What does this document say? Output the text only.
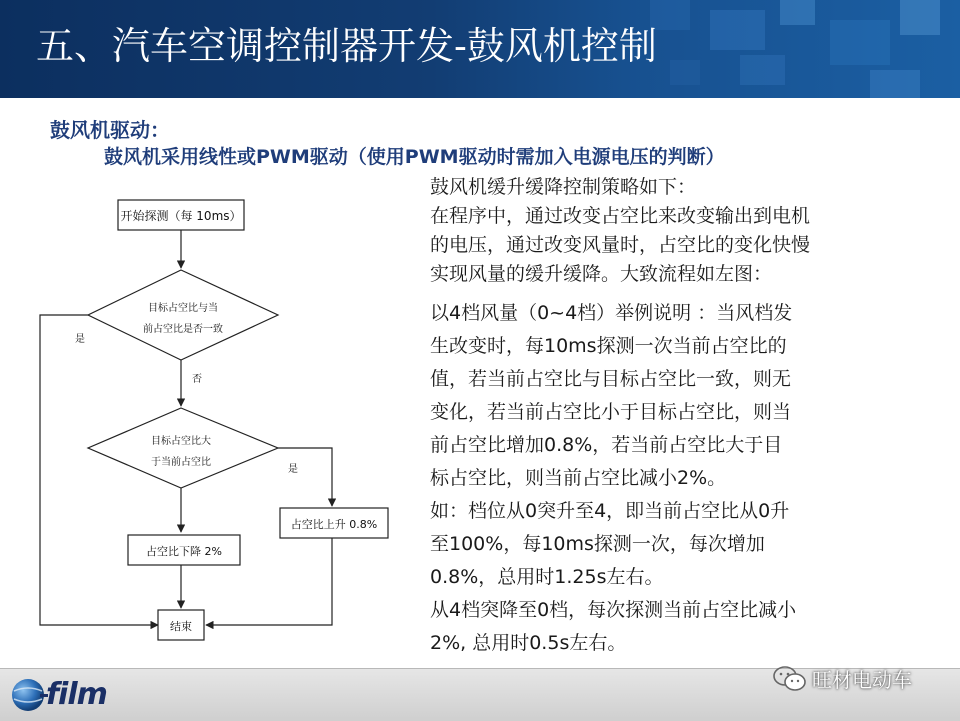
五、汽车空调控制器开发-鼓风机控制
鼓风机驱动：
鼓风机采用线性或PWM驱动（使用PWM驱动时需加入电源电压的判断）
开始探测（每 10ms）
目标占空比与当
前占空比是否一致
是
否
目标占空比大
于当前占空比
是
占空比上升 0.8%
占空比下降 2%
结束
鼓风机缓升缓降控制策略如下：
在程序中，通过改变占空比来改变输出到电机
的电压，通过改变风量时，占空比的变化快慢
实现风量的缓升缓降。大致流程如左图：
以4档风量（0~4档）举例说明 ：当风档发
生改变时，每10ms探测一次当前占空比的
值，若当前占空比与目标占空比一致，则无
变化，若当前占空比小于目标占空比，则当
前占空比增加0.8%，若当前占空比大于目
标占空比，则当前占空比减小2%。
如：档位从0突升至4，即当前占空比从0升
至100%，每10ms探测一次，每次增加
0.8%，总用时1.25s左右。
从4档突降至0档，每次探测当前占空比减小
2%, 总用时0.5s左右。
film	旺材电动车
